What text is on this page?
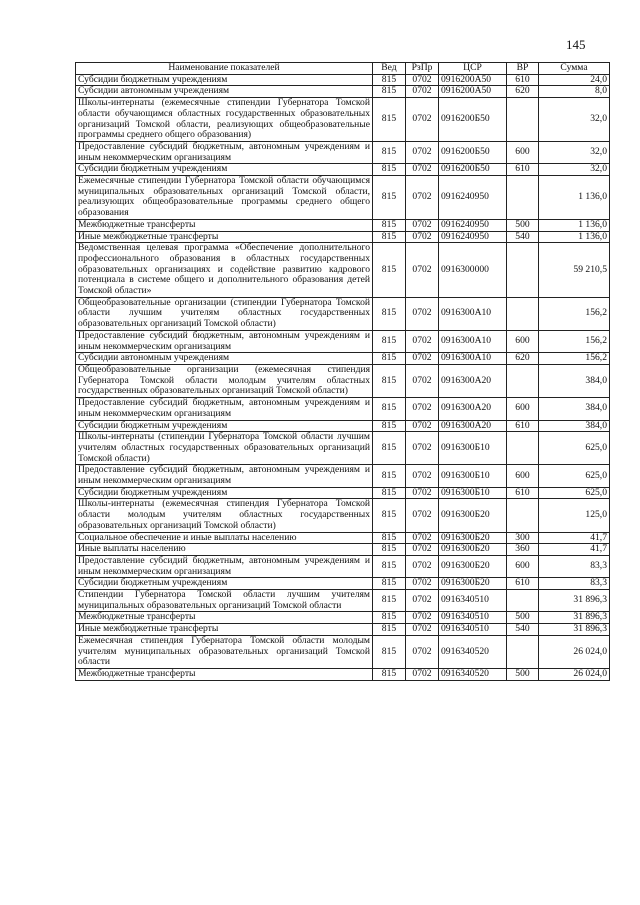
145
Наименование показателей	Вед	РзПр	ЦСР	ВР	Сумма
Субсидии бюджетным учреждениям	815	0702	0916200А50	610	24,0
Субсидии автономным учреждениям	815	0702	0916200А50	620	8,0
Школы-интернаты (ежемесячные стипендии Губернатора Томской области обучающимся областных государственных образовательных организаций Томской области, реализующих общеобразовательные программы среднего общего образования)	815	0702	0916200Б50		32,0
Предоставление субсидий бюджетным, автономным учреждениям и иным некоммерческим организациям	815	0702	0916200Б50	600	32,0
Субсидии бюджетным учреждениям	815	0702	0916200Б50	610	32,0
Ежемесячные стипендии Губернатора Томской области обучающимся муниципальных образовательных организаций Томской области, реализующих общеобразовательные программы среднего общего образования	815	0702	0916240950		1 136,0
Межбюджетные трансферты	815	0702	0916240950	500	1 136,0
Иные межбюджетные трансферты	815	0702	0916240950	540	1 136,0
Ведомственная целевая программа «Обеспечение дополнительного профессионального образования в областных государственных образовательных организациях и содействие развитию кадрового потенциала в системе общего и дополнительного образования детей Томской области»	815	0702	0916300000		59 210,5
Общеобразовательные организации (стипендии Губернатора Томской области лучшим учителям областных государственных образовательных организаций Томской области)	815	0702	0916300А10		156,2
Предоставление субсидий бюджетным, автономным учреждениям и иным некоммерческим организациям	815	0702	0916300А10	600	156,2
Субсидии автономным учреждениям	815	0702	0916300А10	620	156,2
Общеобразовательные организации (ежемесячная стипендия Губернатора Томской области молодым учителям областных государственных образовательных организаций Томской области)	815	0702	0916300А20		384,0
Предоставление субсидий бюджетным, автономным учреждениям и иным некоммерческим организациям	815	0702	0916300А20	600	384,0
Субсидии бюджетным учреждениям	815	0702	0916300А20	610	384,0
Школы-интернаты (стипендии Губернатора Томской области лучшим учителям областных государственных образовательных организаций Томской области)	815	0702	0916300Б10		625,0
Предоставление субсидий бюджетным, автономным учреждениям и иным некоммерческим организациям	815	0702	0916300Б10	600	625,0
Субсидии бюджетным учреждениям	815	0702	0916300Б10	610	625,0
Школы-интернаты (ежемесячная стипендия Губернатора Томской области молодым учителям областных государственных образовательных организаций Томской области)	815	0702	0916300Б20		125,0
Социальное обеспечение и иные выплаты населению	815	0702	0916300Б20	300	41,7
Иные выплаты населению	815	0702	0916300Б20	360	41,7
Предоставление субсидий бюджетным, автономным учреждениям и иным некоммерческим организациям	815	0702	0916300Б20	600	83,3
Субсидии бюджетным учреждениям	815	0702	0916300Б20	610	83,3
Стипендии Губернатора Томской области лучшим учителям муниципальных образовательных организаций Томской области	815	0702	0916340510		31 896,3
Межбюджетные трансферты	815	0702	0916340510	500	31 896,3
Иные межбюджетные трансферты	815	0702	0916340510	540	31 896,3
Ежемесячная стипендия Губернатора Томской области молодым учителям муниципальных образовательных организаций Томской области	815	0702	0916340520		26 024,0
Межбюджетные трансферты	815	0702	0916340520	500	26 024,0
